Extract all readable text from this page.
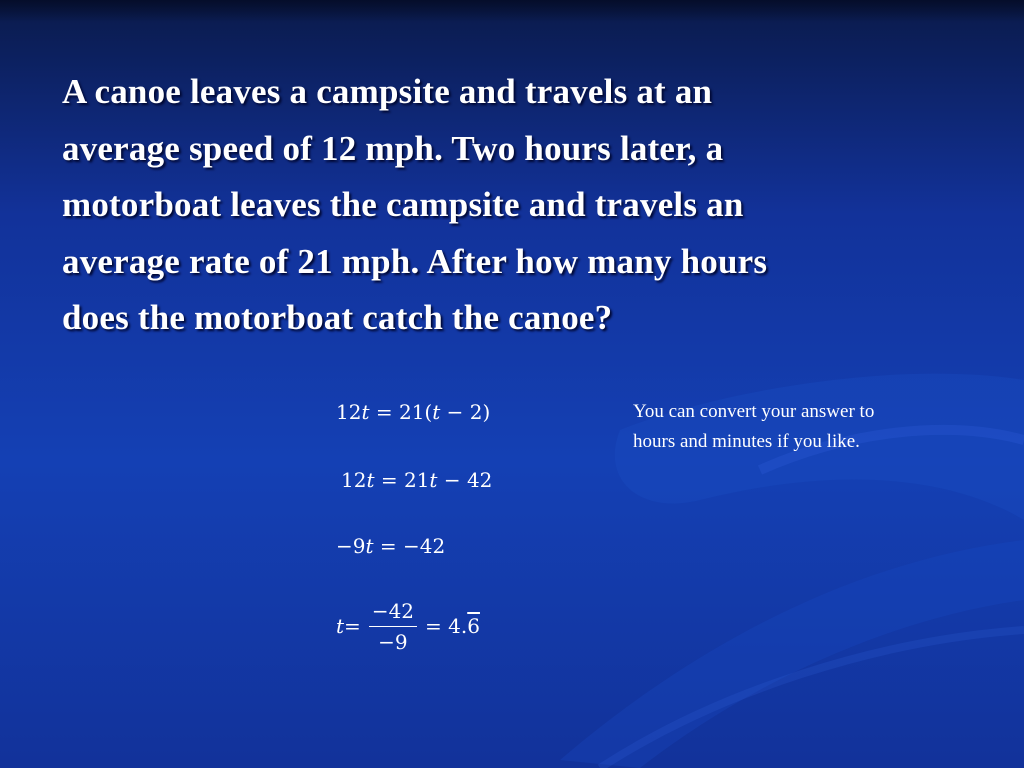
A canoe leaves a campsite and travels at an
average speed of 12 mph. Two hours later, a
motorboat leaves the campsite and travels an
average rate of 21 mph. After how many hours
does the motorboat catch the canoe?

12t = 21(t − 2)
12t = 21t − 42
−9t = −42
$t = \frac{-42}{-9} = 4$. 6

You can convert your answer to
hours and minutes if you like.
